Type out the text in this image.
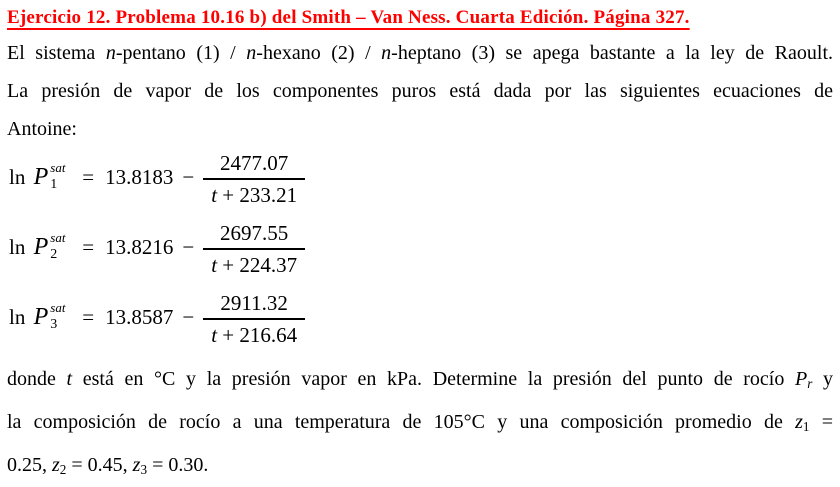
Ejercicio 12. Problema 10.16 b) del Smith – Van Ness. Cuarta Edición. Página 327.
El sistema n-pentano (1) / n-hexano (2) / n-heptano (3) se apega bastante a la ley de Raoult.
La presión de vapor de los componentes puros está dada por las siguientes ecuaciones de
Antoine:
ln P sat
$1 = 13.8183 - \frac{2477.07}{t + 233.21}$
ln P sat
$2 = 13.8216 - \frac{2697.55}{t + 224.37}$
ln P sat
$3 = 13.8587 - \frac{2911.32}{t + 216.64}$
donde t está en °C y la presión vapor en kPa. Determine la presión del punto de rocío Pr y
la composición de rocío a una temperatura de 105°C y una composición promedio de z1 =
0.25, z2 = 0.45, z3 = 0.30.
